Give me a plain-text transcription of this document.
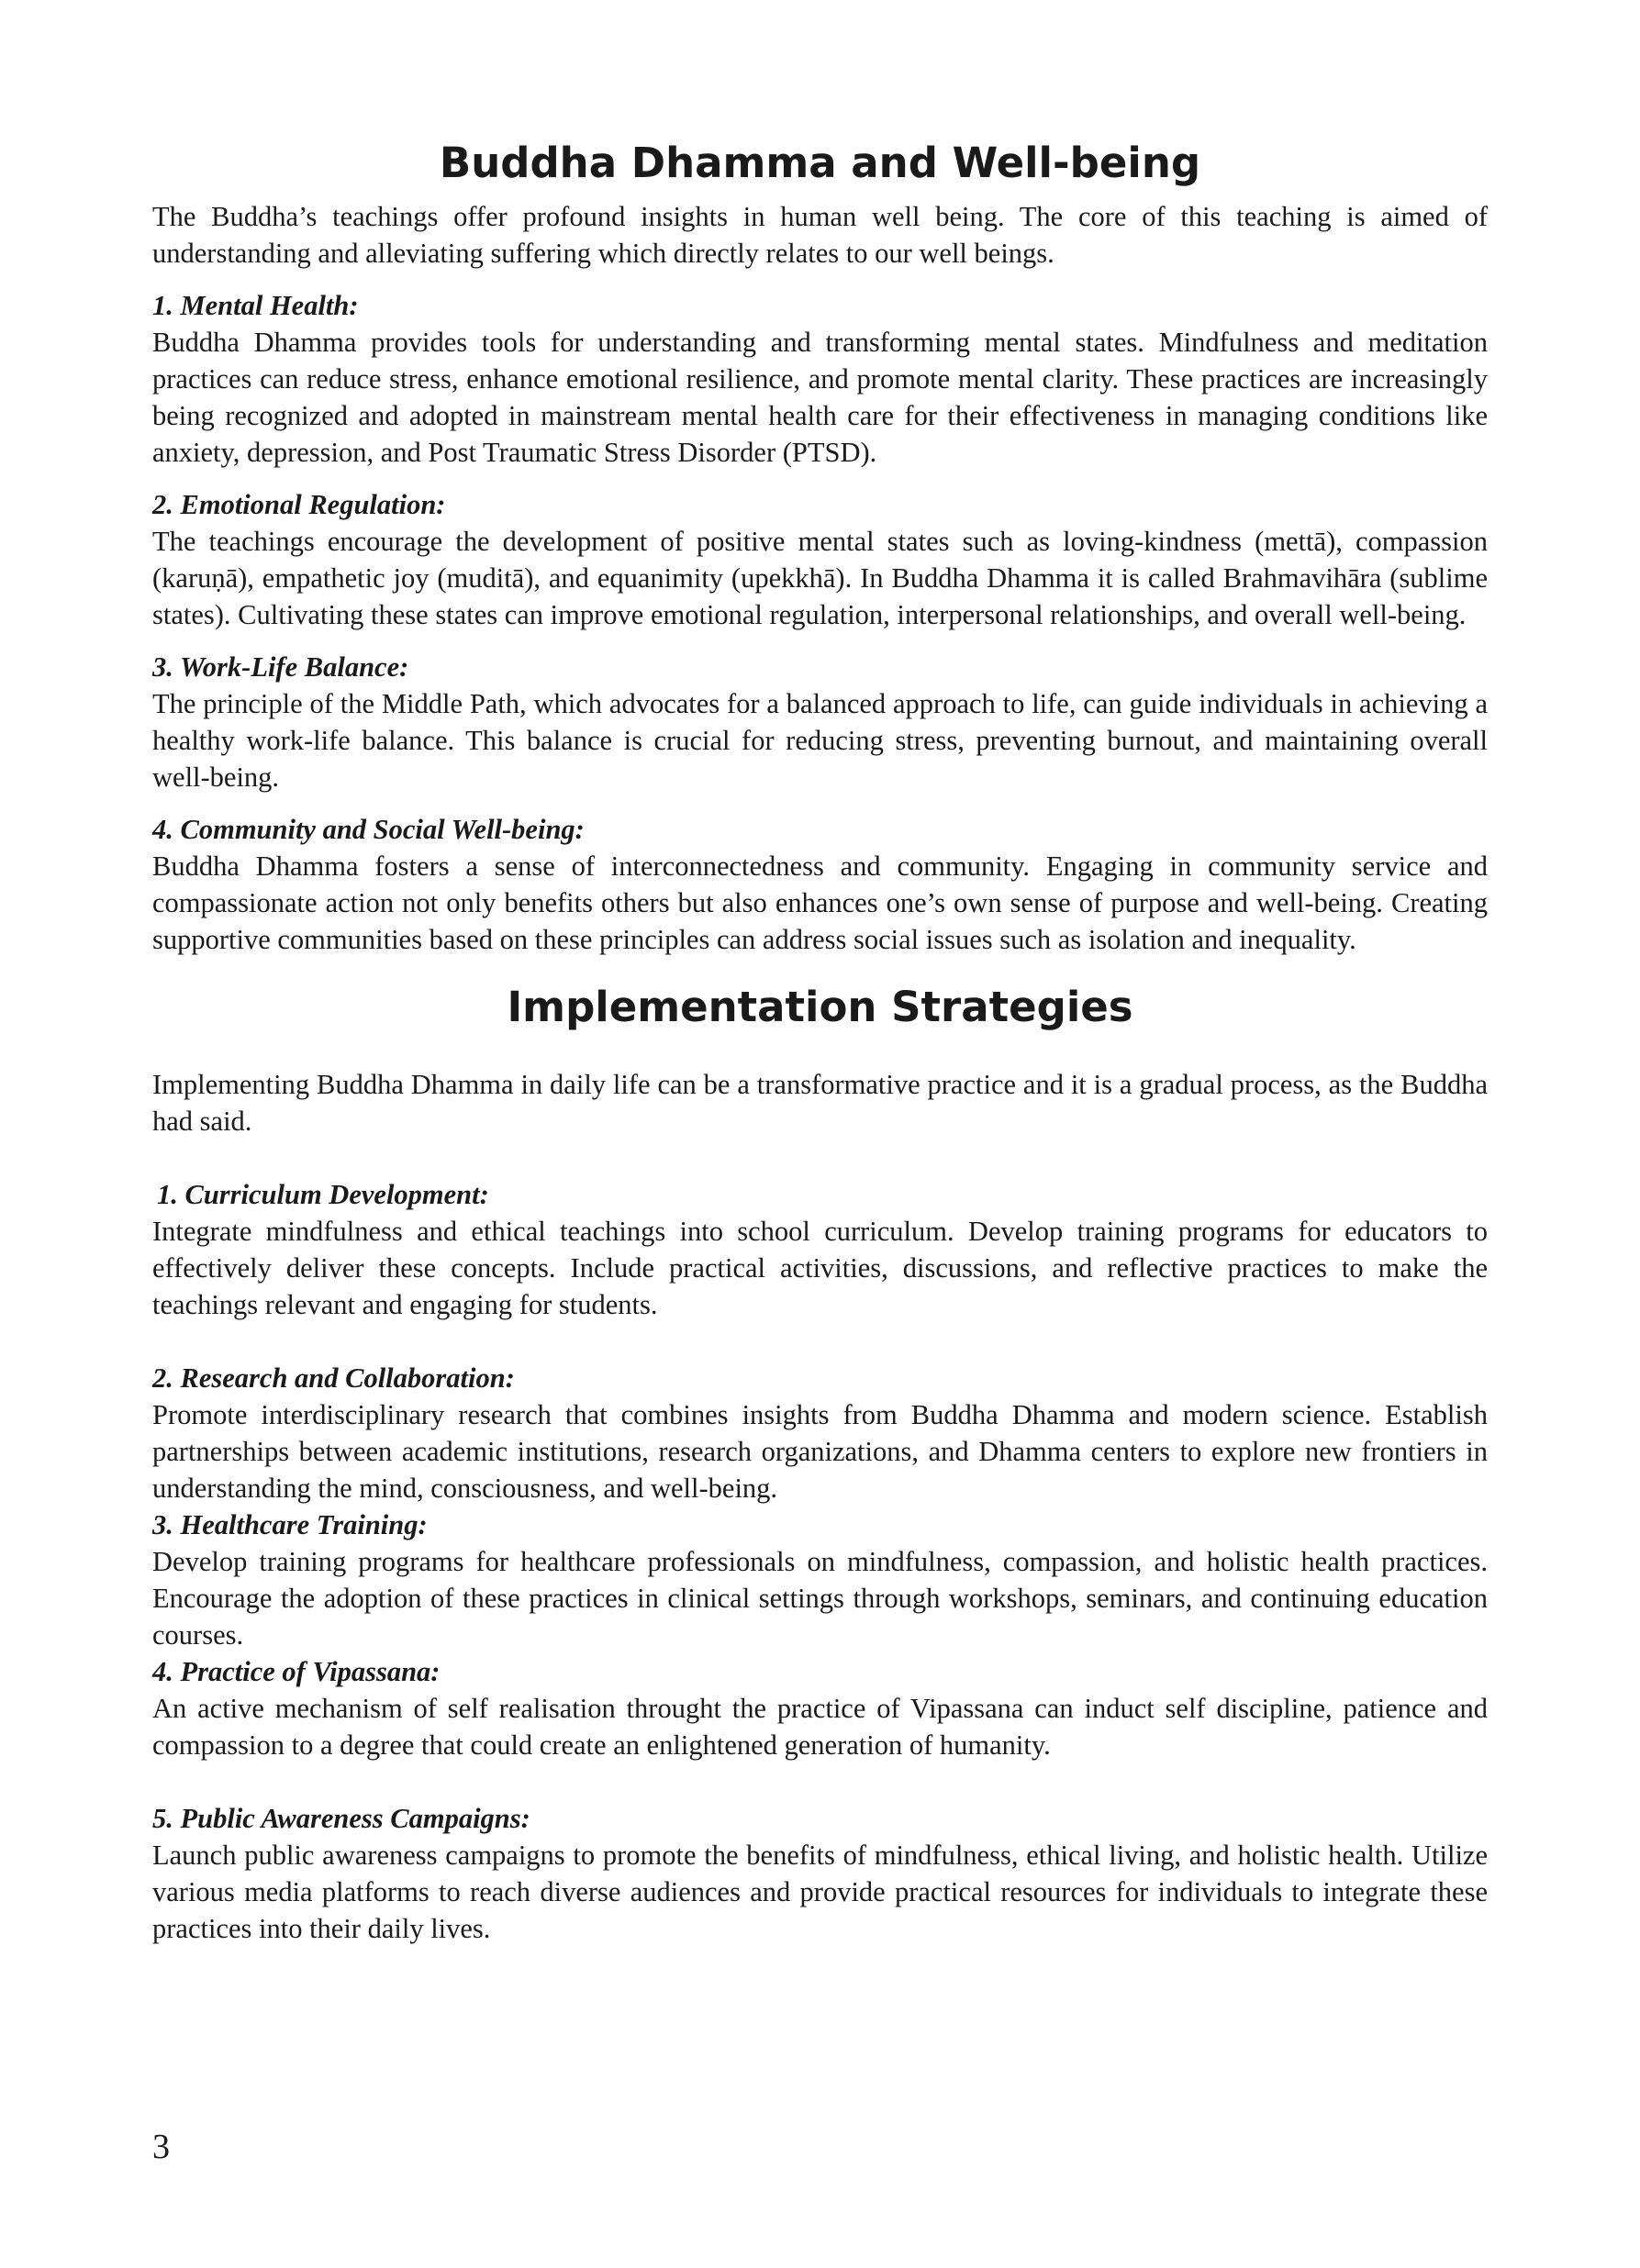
Buddha Dhamma and Well-being

The Buddha’s teachings offer profound insights in human well being. The core of this teaching is aimed of understanding and alleviating suffering which directly relates to our well beings.

1. Mental Health:

Buddha Dhamma provides tools for understanding and transforming mental states. Mindfulness and meditation practices can reduce stress, enhance emotional resilience, and promote mental clarity. These practices are increasingly being recognized and adopted in mainstream mental health care for their effectiveness in managing conditions like anxiety, depression, and Post Traumatic Stress Disorder (PTSD).

2. Emotional Regulation:

The teachings encourage the development of positive mental states such as loving-kindness (mettā), compassion (karuṇā), empathetic joy (muditā), and equanimity (upekkhā). In Buddha Dhamma it is called Brahmavihāra (sublime states). Cultivating these states can improve emotional regulation, interpersonal relationships, and overall well-being.

3. Work-Life Balance:

The principle of the Middle Path, which advocates for a balanced approach to life, can guide individuals in achieving a healthy work-life balance. This balance is crucial for reducing stress, preventing burnout, and maintaining overall well-being.

4. Community and Social Well-being:

Buddha Dhamma fosters a sense of interconnectedness and community. Engaging in community service and compassionate action not only benefits others but also enhances one’s own sense of purpose and well-being. Creating supportive communities based on these principles can address social issues such as isolation and inequality.

Implementation Strategies

Implementing Buddha Dhamma in daily life can be a transformative practice and it is a gradual process, as the Buddha had said.

1. Curriculum Development:

Integrate mindfulness and ethical teachings into school curriculum. Develop training programs for educators to effectively deliver these concepts. Include practical activities, discussions, and reflective practices to make the teachings relevant and engaging for students.

2. Research and Collaboration:

Promote interdisciplinary research that combines insights from Buddha Dhamma and modern science. Establish partnerships between academic institutions, research organizations, and Dhamma centers to explore new frontiers in understanding the mind, consciousness, and well-being.

3. Healthcare Training:

Develop training programs for healthcare professionals on mindfulness, compassion, and holistic health practices. Encourage the adoption of these practices in clinical settings through workshops, seminars, and continuing education courses.

4. Practice of Vipassana:

An active mechanism of self realisation throught the practice of Vipassana can induct self discipline, patience and compassion to a degree that could create an enlightened generation of humanity.

5. Public Awareness Campaigns:

Launch public awareness campaigns to promote the benefits of mindfulness, ethical living, and holistic health. Utilize various media platforms to reach diverse audiences and provide practical resources for individuals to integrate these practices into their daily lives.

3
